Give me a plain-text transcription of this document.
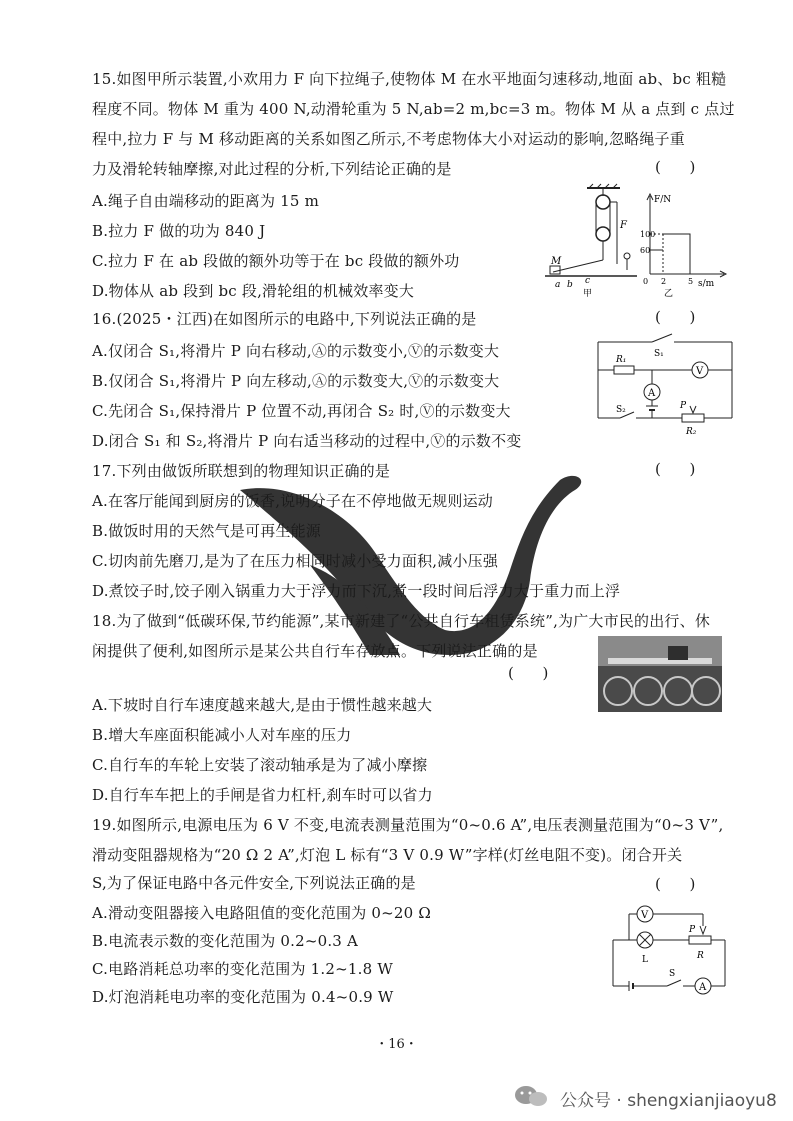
15.如图甲所示装置,小欢用力 F 向下拉绳子,使物体 M 在水平地面匀速移动,地面 ab、bc 粗糙
程度不同。物体 M 重为 400 N,动滑轮重为 5 N,ab=2 m,bc=3 m。物体 M 从 a 点到 c 点过
程中,拉力 F 与 M 移动距离的关系如图乙所示,不考虑物体大小对运动的影响,忽略绳子重
力及滑轮转轴摩擦,对此过程的分析,下列结论正确的是	(      )
A.绳子自由端移动的距离为 15 m
B.拉力 F 做的功为 840 J
C.拉力 F 在 ab 段做的额外功等于在 bc 段做的额外功
D.物体从 ab 段到 bc 段,滑轮组的机械效率变大
M
F
a b c
甲
F/N
s/m
100
60
0 2	5
乙
16.(2025・江西)在如图所示的电路中,下列说法正确的是	(      )
A.仅闭合 S₁,将滑片 P 向右移动,Ⓐ的示数变小,Ⓥ的示数变大
B.仅闭合 S₁,将滑片 P 向左移动,Ⓐ的示数变大,Ⓥ的示数变大
C.先闭合 S₁,保持滑片 P 位置不动,再闭合 S₂ 时,Ⓥ的示数变大
D.闭合 S₁ 和 S₂,将滑片 P 向右适当移动的过程中,Ⓥ的示数不变
S₁
R₁
V
A
S₂	P
R₂
17.下列由做饭所联想到的物理知识正确的是	(      )
A.在客厅能闻到厨房的饭香,说明分子在不停地做无规则运动
B.做饭时用的天然气是可再生能源
C.切肉前先磨刀,是为了在压力相同时减小受力面积,减小压强
D.煮饺子时,饺子刚入锅重力大于浮力而下沉,煮一段时间后浮力大于重力而上浮
18.为了做到“低碳环保,节约能源”,某市新建了“公共自行车租赁系统”,为广大市民的出行、休
闲提供了便利,如图所示是某公共自行车存放点。下列说法正确的是
(      )
A.下坡时自行车速度越来越大,是由于惯性越来越大
B.增大车座面积能减小人对车座的压力
C.自行车的车轮上安装了滚动轴承是为了减小摩擦
D.自行车车把上的手闸是省力杠杆,刹车时可以省力
19.如图所示,电源电压为 6 V 不变,电流表测量范围为“0~0.6 A”,电压表测量范围为“0~3 V”,
滑动变阻器规格为“20 Ω 2 A”,灯泡 L 标有“3 V 0.9 W”字样(灯丝电阻不变)。闭合开关
S,为了保证电路中各元件安全,下列说法正确的是	(      )
A.滑动变阻器接入电路阻值的变化范围为 0~20 Ω
B.电流表示数的变化范围为 0.2~0.3 A
C.电路消耗总功率的变化范围为 1.2~1.8 W
D.灯泡消耗电功率的变化范围为 0.4~0.9 W
V
L
P
R
S
A
・16・
公众号 · shengxianjiaoyu8
